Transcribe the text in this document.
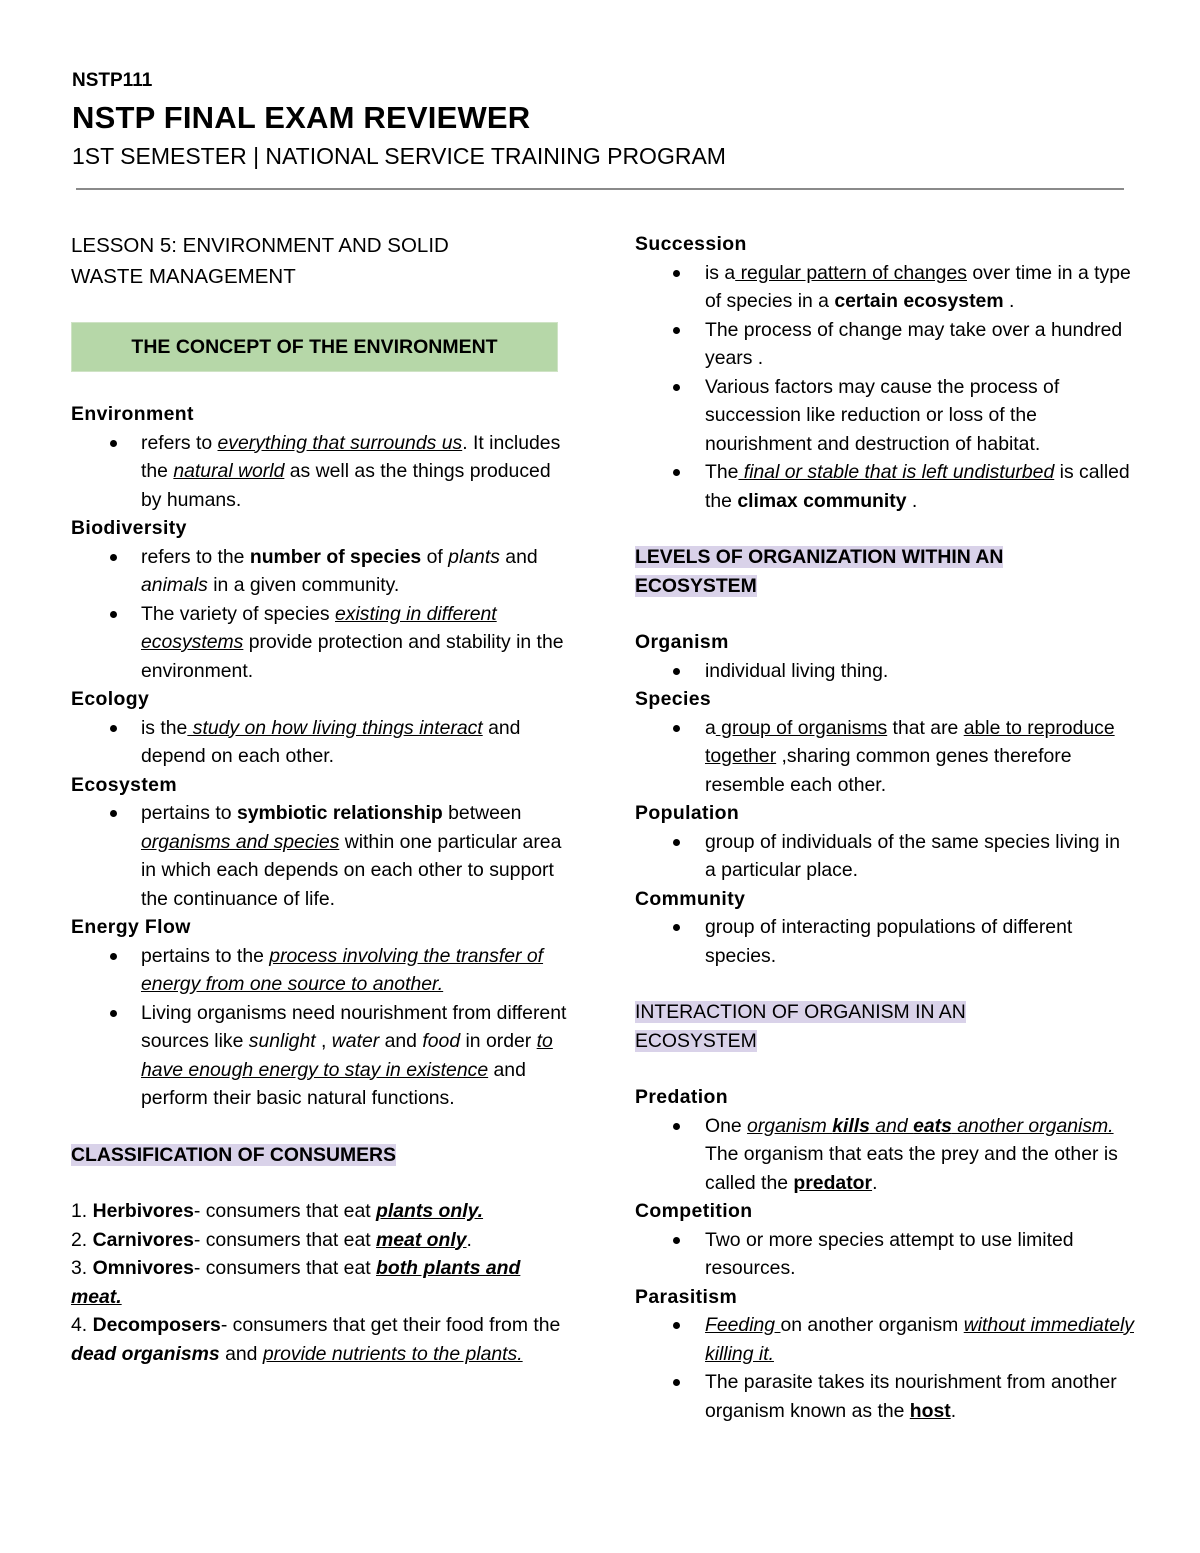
NSTP111
NSTP FINAL EXAM REVIEWER
1ST SEMESTER | NATIONAL SERVICE TRAINING PROGRAM
LESSON 5: ENVIRONMENT AND SOLID
WASTE MANAGEMENT
THE CONCEPT OF THE ENVIRONMENT
Environment
refers to everything that surrounds us. It includes the natural world as well as the things produced by humans.
Biodiversity
refers to the number of species of plants and animals in a given community.
The variety of species existing in different ecosystems provide protection and stability in the environment.
Ecology
is the study on how living things interact and depend on each other.
Ecosystem
pertains to symbiotic relationship between organisms and species within one particular area in which each depends on each other to support the continuance of life.
Energy Flow
pertains to the process involving the transfer of energy from one source to another.
Living organisms need nourishment from different sources like sunlight , water and food in order to have enough energy to stay in existence and perform their basic natural functions.
CLASSIFICATION OF CONSUMERS
1. Herbivores- consumers that eat plants only.
2. Carnivores- consumers that eat meat only.
3. Omnivores- consumers that eat both plants and meat.
4. Decomposers- consumers that get their food from the dead organisms and provide nutrients to the plants.
Succession
is a regular pattern of changes over time in a type of species in a certain ecosystem .
The process of change may take over a hundred years .
Various factors may cause the process of succession like reduction or loss of the nourishment and destruction of habitat.
The final or stable that is left undisturbed is called the climax community .
LEVELS OF ORGANIZATION WITHIN AN
ECOSYSTEM
Organism
individual living thing.
Species
a group of organisms that are able to reproduce together ,sharing common genes therefore resemble each other.
Population
group of individuals of the same species living in a particular place.
Community
group of interacting populations of different species.
INTERACTION OF ORGANISM IN AN
ECOSYSTEM
Predation
One organism kills and eats another organism. The organism that eats the prey and the other is called the predator.
Competition
Two or more species attempt to use limited resources.
Parasitism
Feeding on another organism without immediately killing it.
The parasite takes its nourishment from another organism known as the host.
